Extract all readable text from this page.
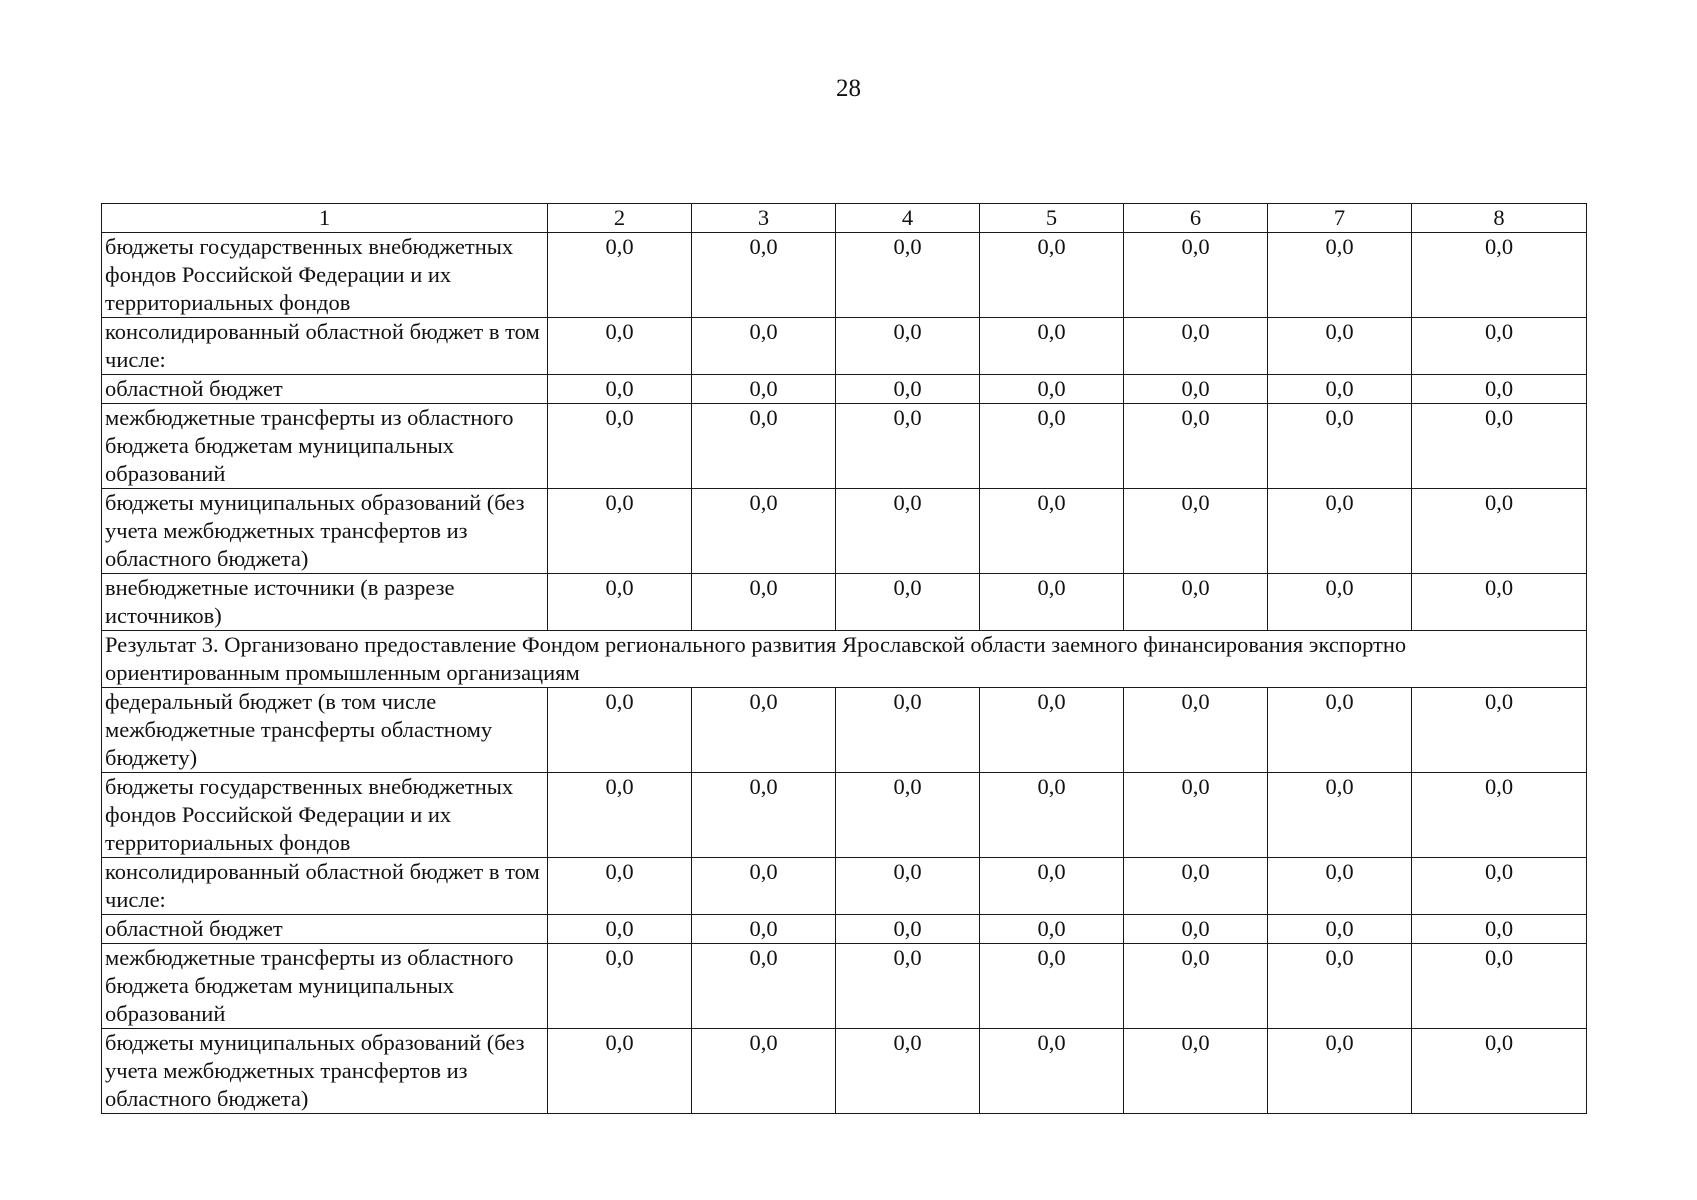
28
1	2	3	4	5	6	7	8
бюджеты государственных внебюджетных фондов Российской Федерации и их территориальных фондов	0,0	0,0	0,0	0,0	0,0	0,0	0,0
консолидированный областной бюджет в том числе:	0,0	0,0	0,0	0,0	0,0	0,0	0,0
областной бюджет	0,0	0,0	0,0	0,0	0,0	0,0	0,0
межбюджетные трансферты из областного бюджета бюджетам муниципальных образований	0,0	0,0	0,0	0,0	0,0	0,0	0,0
бюджеты муниципальных образований (без учета межбюджетных трансфертов из областного бюджета)	0,0	0,0	0,0	0,0	0,0	0,0	0,0
внебюджетные источники (в разрезе источников)	0,0	0,0	0,0	0,0	0,0	0,0	0,0
Результат 3. Организовано предоставление Фондом регионального развития Ярославской области заемного финансирования экспортно ориентированным промышленным организациям							
федеральный бюджет (в том числе межбюджетные трансферты областному бюджету)	0,0	0,0	0,0	0,0	0,0	0,0	0,0
бюджеты государственных внебюджетных фондов Российской Федерации и их территориальных фондов	0,0	0,0	0,0	0,0	0,0	0,0	0,0
консолидированный областной бюджет в том числе:	0,0	0,0	0,0	0,0	0,0	0,0	0,0
областной бюджет	0,0	0,0	0,0	0,0	0,0	0,0	0,0
межбюджетные трансферты из областного бюджета бюджетам муниципальных образований	0,0	0,0	0,0	0,0	0,0	0,0	0,0
бюджеты муниципальных образований (без учета межбюджетных трансфертов из областного бюджета)	0,0	0,0	0,0	0,0	0,0	0,0	0,0
